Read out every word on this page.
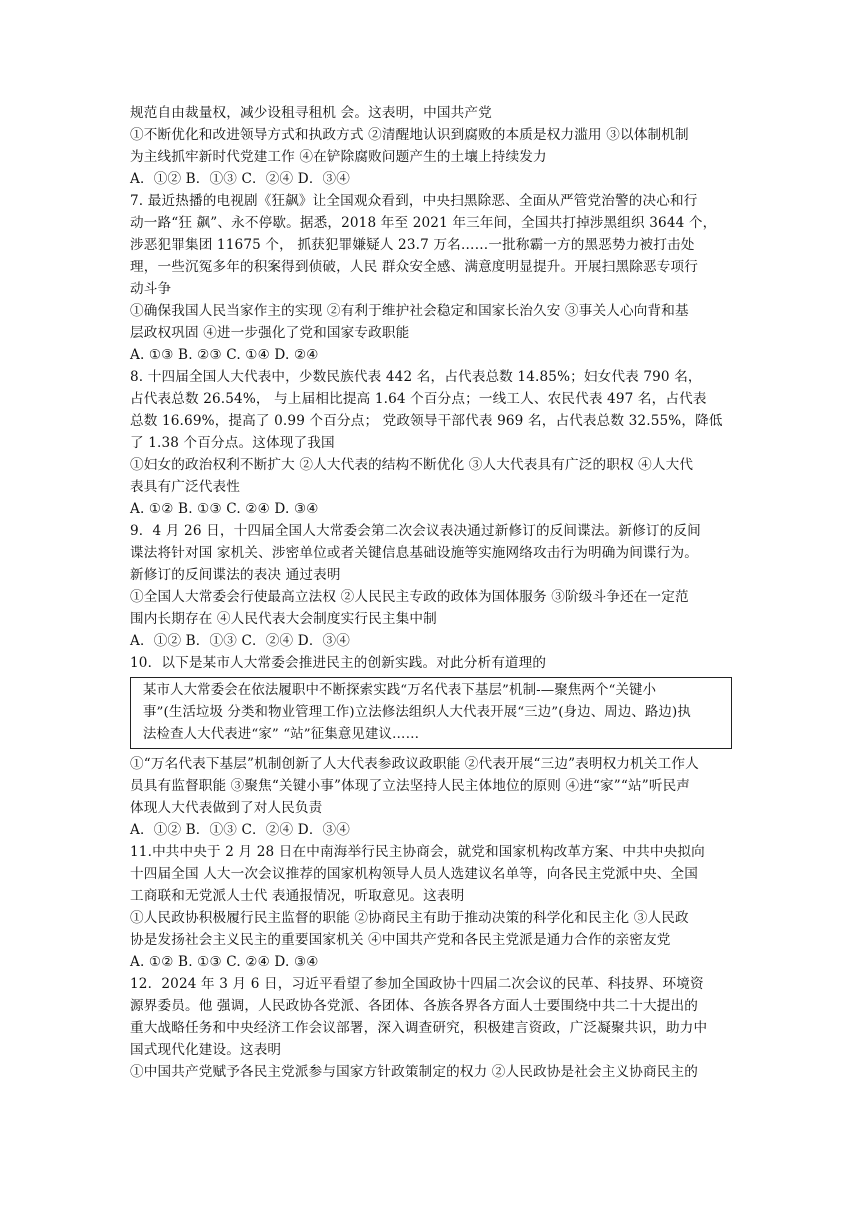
规范自由裁量权，减少设租寻租机 会。这表明，中国共产党
①不断优化和改进领导方式和执政方式 ②清醒地认识到腐败的本质是权力滥用 ③以体制机制
为主线抓牢新时代党建工作 ④在铲除腐败问题产生的土壤上持续发力
A．①② B．①③ C．②④ D．③④
7. 最近热播的电视剧《狂飙》让全国观众看到，中央扫黑除恶、全面从严管党治警的决心和行
动一路“狂 飙”、永不停歇。据悉，2018 年至 2021 年三年间，全国共打掉涉黑组织 3644 个，
涉恶犯罪集团 11675 个， 抓获犯罪嫌疑人 23.7 万名……一批称霸一方的黑恶势力被打击处
理，一些沉冤多年的积案得到侦破，人民 群众安全感、满意度明显提升。开展扫黑除恶专项行
动斗争
①确保我国人民当家作主的实现 ②有利于维护社会稳定和国家长治久安 ③事关人心向背和基
层政权巩固 ④进一步强化了党和国家专政职能
A. ①③ B. ②③ C. ①④ D. ②④
8. 十四届全国人大代表中，少数民族代表 442 名，占代表总数 14.85%；妇女代表 790 名，
占代表总数 26.54%， 与上届相比提高 1.64 个百分点；一线工人、农民代表 497 名，占代表
总数 16.69%，提高了 0.99 个百分点； 党政领导干部代表 969 名，占代表总数 32.55%，降低
了 1.38 个百分点。这体现了我国
①妇女的政治权利不断扩大 ②人大代表的结构不断优化 ③人大代表具有广泛的职权 ④人大代
表具有广泛代表性
A. ①② B. ①③ C. ②④ D. ③④
9．4 月 26 日，十四届全国人大常委会第二次会议表决通过新修订的反间谍法。新修订的反间
谍法将针对国 家机关、涉密单位或者关键信息基础设施等实施网络攻击行为明确为间谍行为。
新修订的反间谍法的表决 通过表明
①全国人大常委会行使最高立法权 ②人民民主专政的政体为国体服务 ③阶级斗争还在一定范
围内长期存在 ④人民代表大会制度实行民主集中制
A．①② B．①③ C．②④ D．③④
10．以下是某市人大常委会推进民主的创新实践。对此分析有道理的
某市人大常委会在依法履职中不断探索实践“万名代表下基层”机制-—聚焦两个“关键小
事”(生活垃圾 分类和物业管理工作)立法修法组织人大代表开展“三边”(身边、周边、路边)执
法检查人大代表进“家” “站”征集意见建议……
①“万名代表下基层”机制创新了人大代表参政议政职能 ②代表开展“三边”表明权力机关工作人
员具有监督职能 ③聚焦“关键小事”体现了立法坚持人民主体地位的原则 ④进“家”“站”听民声
体现人大代表做到了对人民负责
A．①② B．①③ C．②④ D．③④
11.中共中央于 2 月 28 日在中南海举行民主协商会，就党和国家机构改革方案、中共中央拟向
十四届全国 人大一次会议推荐的国家机构领导人员人选建议名单等，向各民主党派中央、全国
工商联和无党派人士代 表通报情况，听取意见。这表明
①人民政协积极履行民主监督的职能 ②协商民主有助于推动决策的科学化和民主化 ③人民政
协是发扬社会主义民主的重要国家机关 ④中国共产党和各民主党派是通力合作的亲密友党
A. ①② B. ①③ C. ②④ D. ③④
12．2024 年 3 月 6 日，习近平看望了参加全国政协十四届二次会议的民革、科技界、环境资
源界委员。他 强调，人民政协各党派、各团体、各族各界各方面人士要围绕中共二十大提出的
重大战略任务和中央经济工作会议部署，深入调查研究，积极建言资政，广泛凝聚共识，助力中
国式现代化建设。这表明
①中国共产党赋予各民主党派参与国家方针政策制定的权力 ②人民政协是社会主义协商民主的
